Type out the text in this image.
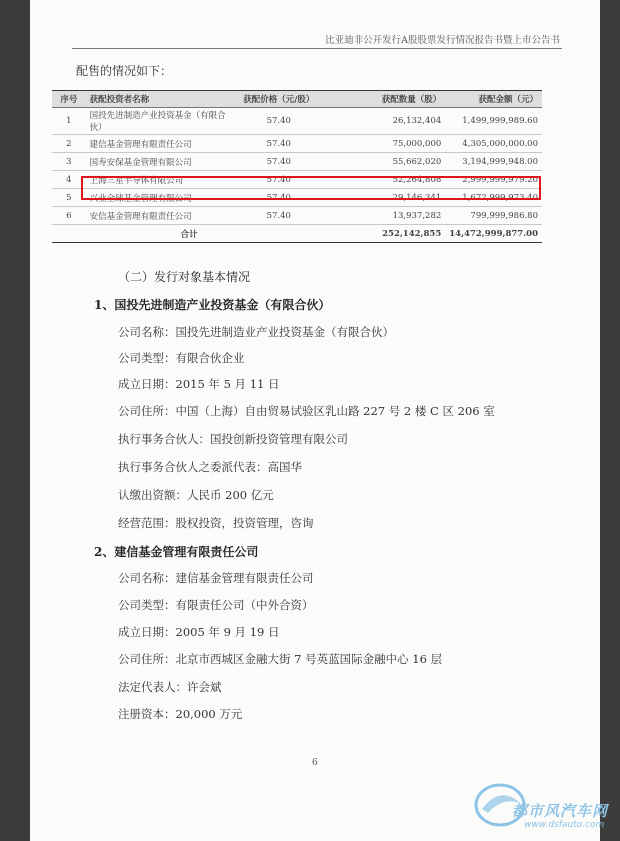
比亚迪非公开发行A股股票发行情况报告书暨上市公告书
配售的情况如下：
序号	获配投资者名称	获配价格（元/股）	获配数量（股）	获配金额（元）
1	国投先进制造产业投资基金（有限合伙）	57.40	26,132,404	1,499,999,989.60
2	建信基金管理有限责任公司	57.40	75,000,000	4,305,000,000.00
3	国寿安保基金管理有限公司	57.40	55,662,020	3,194,999,948.00
4	上海三星半导体有限公司	57.40	52,264,808	2,999,999,979.20
5	兴业全球基金管理有限公司	57.40	29,146,341	1,672,999,973.40
6	安信基金管理有限责任公司	57.40	13,937,282	799,999,986.80
合计			252,142,855	14,472,999,877.00
（二）发行对象基本情况
1、国投先进制造产业投资基金（有限合伙）
公司名称：国投先进制造业产业投资基金（有限合伙）
公司类型：有限合伙企业
成立日期：2015 年 5 月 11 日
公司住所：中国（上海）自由贸易试验区乳山路 227 号 2 楼 C 区 206 室
执行事务合伙人：国投创新投资管理有限公司
执行事务合伙人之委派代表：高国华
认缴出资额：人民币 200 亿元
经营范围：股权投资，投资管理，咨询
2、建信基金管理有限责任公司
公司名称：建信基金管理有限责任公司
公司类型：有限责任公司（中外合资）
成立日期：2005 年 9 月 19 日
公司住所：北京市西城区金融大街 7 号英蓝国际金融中心 16 层
法定代表人：许会斌
注册资本：20,000 万元
6
都市风汽车网
www.dsfauto.com
